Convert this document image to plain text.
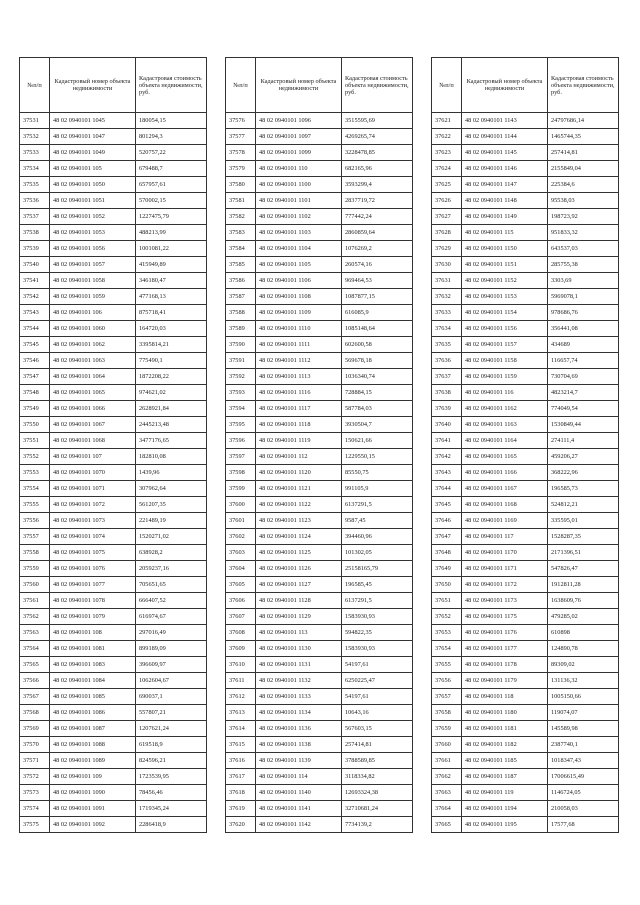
№п/п	Кадастровый номер объекта недвижимости	Кадастровая стоимость объекта недвижимости, руб.
37531	48 02 0940101 1045	180054,15
37532	48 02 0940101 1047	801294,3
37533	48 02 0940101 1049	520757,22
37534	48 02 0940101 105	679488,7
37535	48 02 0940101 1050	657957,61
37536	48 02 0940101 1051	570002,15
37537	48 02 0940101 1052	1227475,79
37538	48 02 0940101 1053	488213,99
37539	48 02 0940101 1056	1001081,22
37540	48 02 0940101 1057	415949,89
37541	48 02 0940101 1058	346180,47
37542	48 02 0940101 1059	477168,13
37543	48 02 0940101 106	875718,41
37544	48 02 0940101 1060	164720,03
37545	48 02 0940101 1062	3395814,21
37546	48 02 0940101 1063	775490,1
37547	48 02 0940101 1064	1872208,22
37548	48 02 0940101 1065	974621,02
37549	48 02 0940101 1066	2628921,84
37550	48 02 0940101 1067	2445213,48
37551	48 02 0940101 1068	3477176,65
37552	48 02 0940101 107	182810,08
37553	48 02 0940101 1070	1439,96
37554	48 02 0940101 1071	307962,64
37555	48 02 0940101 1072	561207,35
37556	48 02 0940101 1073	221489,19
37557	48 02 0940101 1074	1520271,02
37558	48 02 0940101 1075	638928,2
37559	48 02 0940101 1076	2059237,16
37560	48 02 0940101 1077	705651,65
37561	48 02 0940101 1078	666407,52
37562	48 02 0940101 1079	616974,67
37563	48 02 0940101 108	297016,49
37564	48 02 0940101 1081	899189,09
37565	48 02 0940101 1083	396609,97
37566	48 02 0940101 1084	1062604,67
37567	48 02 0940101 1085	690037,1
37568	48 02 0940101 1086	557807,21
37569	48 02 0940101 1087	1207621,24
37570	48 02 0940101 1088	619518,9
37571	48 02 0940101 1089	824596,21
37572	48 02 0940101 109	1723539,95
37573	48 02 0940101 1090	78456,46
37574	48 02 0940101 1091	1719345,24
37575	48 02 0940101 1092	2286418,9
№п/п	Кадастровый номер объекта недвижимости	Кадастровая стоимость объекта недвижимости, руб.
37576	48 02 0940101 1096	3515595,69
37577	48 02 0940101 1097	4269265,74
37578	48 02 0940101 1099	3228478,85
37579	48 02 0940101 110	682165,96
37580	48 02 0940101 1100	3593299,4
37581	48 02 0940101 1101	2837719,72
37582	48 02 0940101 1102	777442,24
37583	48 02 0940101 1103	2860859,64
37584	48 02 0940101 1104	1076269,2
37585	48 02 0940101 1105	260574,16
37586	48 02 0940101 1106	969464,53
37587	48 02 0940101 1108	1087877,15
37588	48 02 0940101 1109	616085,9
37589	48 02 0940101 1110	1085148,64
37590	48 02 0940101 1111	602600,58
37591	48 02 0940101 1112	569678,18
37592	48 02 0940101 1113	1036340,74
37593	48 02 0940101 1116	728884,15
37594	48 02 0940101 1117	587784,03
37595	48 02 0940101 1118	3930504,7
37596	48 02 0940101 1119	150621,66
37597	48 02 0940101 112	1229550,15
37598	48 02 0940101 1120	85550,75
37599	48 02 0940101 1121	991105,9
37600	48 02 0940101 1122	6137291,5
37601	48 02 0940101 1123	9587,45
37602	48 02 0940101 1124	394460,96
37603	48 02 0940101 1125	101302,05
37604	48 02 0940101 1126	25158165,79
37605	48 02 0940101 1127	196585,45
37606	48 02 0940101 1128	6137291,5
37607	48 02 0940101 1129	1583930,93
37608	48 02 0940101 113	594822,35
37609	48 02 0940101 1130	1583930,93
37610	48 02 0940101 1131	54197,61
37611	48 02 0940101 1132	6250225,47
37612	48 02 0940101 1133	54197,61
37613	48 02 0940101 1134	10643,16
37614	48 02 0940101 1136	567603,15
37615	48 02 0940101 1138	257414,81
37616	48 02 0940101 1139	3788589,85
37617	48 02 0940101 114	3118334,82
37618	48 02 0940101 1140	12693324,38
37619	48 02 0940101 1141	32710681,24
37620	48 02 0940101 1142	7734139,2
№п/п	Кадастровый номер объекта недвижимости	Кадастровая стоимость объекта недвижимости, руб.
37621	48 02 0940101 1143	24797686,14
37622	48 02 0940101 1144	1465744,35
37623	48 02 0940101 1145	257414,81
37624	48 02 0940101 1146	2155849,04
37625	48 02 0940101 1147	225384,6
37626	48 02 0940101 1148	95538,03
37627	48 02 0940101 1149	198723,92
37628	48 02 0940101 115	951833,32
37629	48 02 0940101 1150	643537,03
37630	48 02 0940101 1151	285755,38
37631	48 02 0940101 1152	3303,69
37632	48 02 0940101 1153	5969078,1
37633	48 02 0940101 1154	978686,76
37634	48 02 0940101 1156	356441,08
37635	48 02 0940101 1157	434689
37636	48 02 0940101 1158	116657,74
37637	48 02 0940101 1159	730704,69
37638	48 02 0940101 116	4823214,7
37639	48 02 0940101 1162	774049,54
37640	48 02 0940101 1163	1530849,44
37641	48 02 0940101 1164	274111,4
37642	48 02 0940101 1165	459206,27
37643	48 02 0940101 1166	368222,96
37644	48 02 0940101 1167	196585,73
37645	48 02 0940101 1168	524812,21
37646	48 02 0940101 1169	335595,01
37647	48 02 0940101 117	1528287,35
37648	48 02 0940101 1170	2171396,51
37649	48 02 0940101 1171	547826,47
37650	48 02 0940101 1172	1912811,28
37651	48 02 0940101 1173	1638609,76
37652	48 02 0940101 1175	479285,02
37653	48 02 0940101 1176	610898
37654	48 02 0940101 1177	124890,78
37655	48 02 0940101 1178	89309,02
37656	48 02 0940101 1179	131136,32
37657	48 02 0940101 118	1005150,66
37658	48 02 0940101 1180	119074,07
37659	48 02 0940101 1181	145589,98
37660	48 02 0940101 1182	2387740,1
37661	48 02 0940101 1185	1018347,43
37662	48 02 0940101 1187	17006615,49
37663	48 02 0940101 119	1146724,05
37664	48 02 0940101 1194	210058,03
37665	48 02 0940101 1195	17577,68
